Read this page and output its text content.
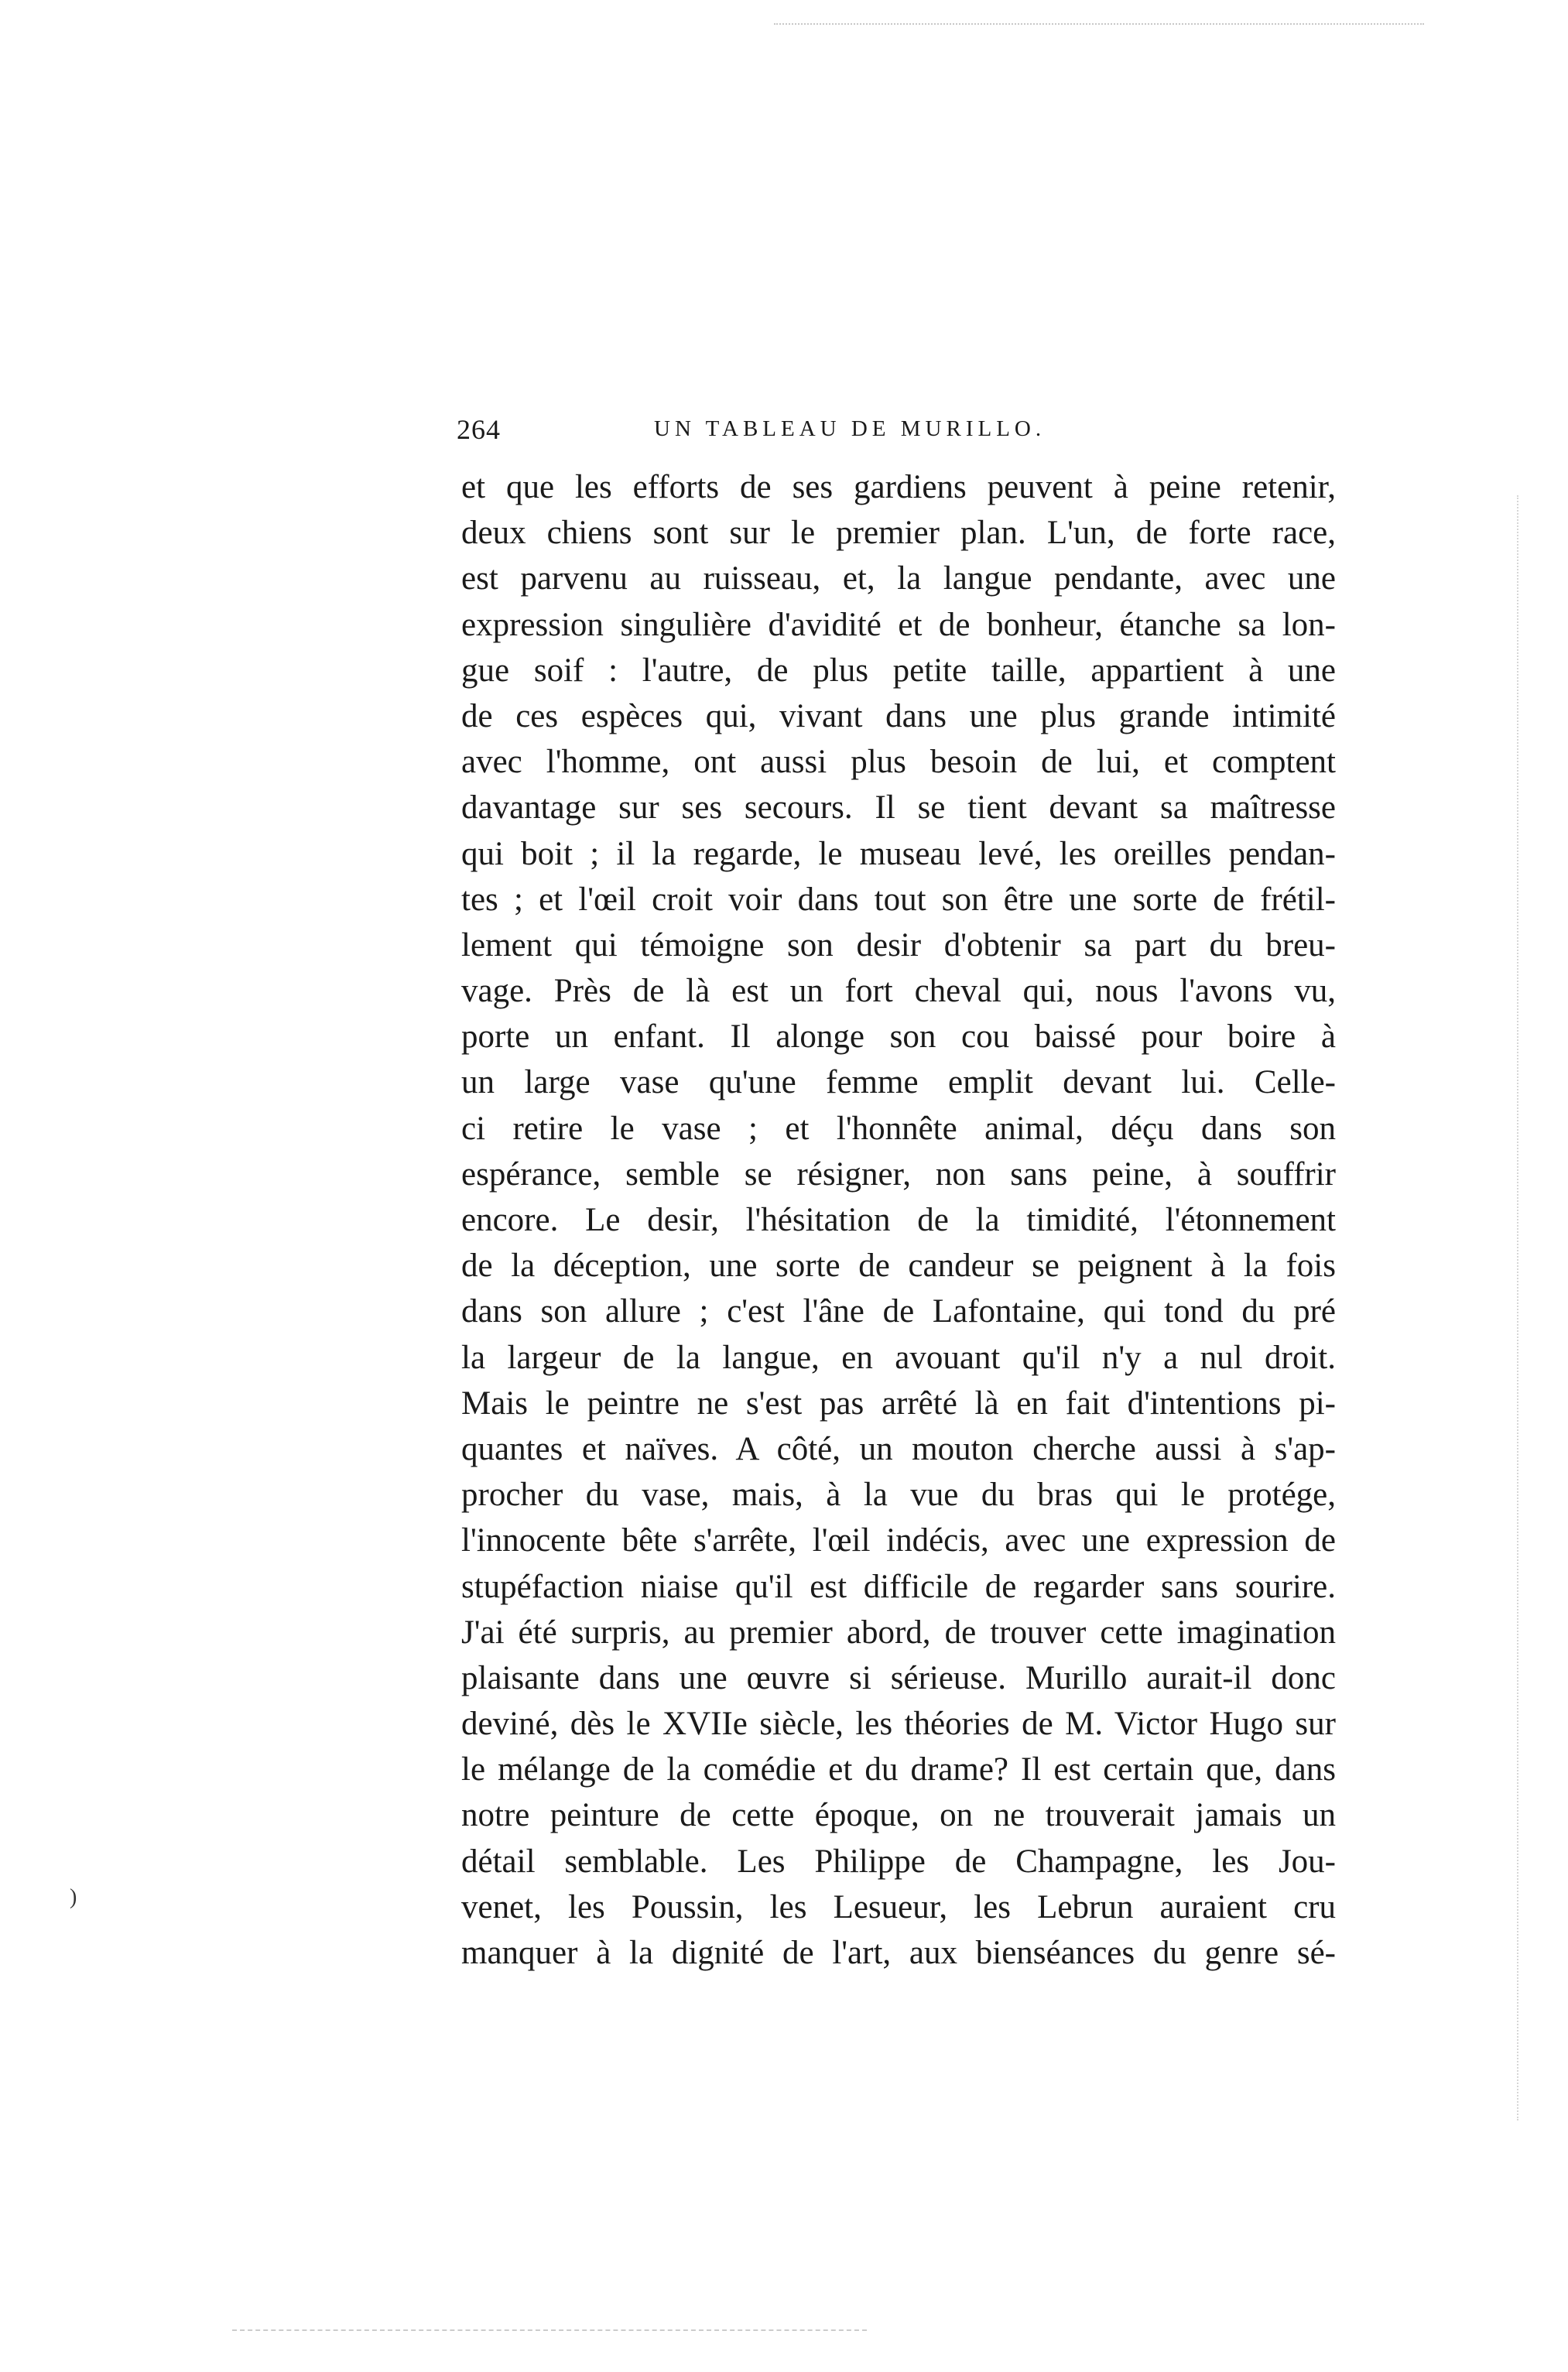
264	UN TABLEAU DE MURILLO.
et que les efforts de ses gardiens peuvent à peine retenir,
deux chiens sont sur le premier plan. L'un, de forte race,
est parvenu au ruisseau, et, la langue pendante, avec une
expression singulière d'avidité et de bonheur, étanche sa lon-
gue soif : l'autre, de plus petite taille, appartient à une
de ces espèces qui, vivant dans une plus grande intimité
avec l'homme, ont aussi plus besoin de lui, et comptent
davantage sur ses secours. Il se tient devant sa maîtresse
qui boit ; il la regarde, le museau levé, les oreilles pendan-
tes ; et l'œil croit voir dans tout son être une sorte de frétil-
lement qui témoigne son desir d'obtenir sa part du breu-
vage. Près de là est un fort cheval qui, nous l'avons vu,
porte un enfant. Il alonge son cou baissé pour boire à
un large vase qu'une femme emplit devant lui. Celle-
ci retire le vase ; et l'honnête animal, déçu dans son
espérance, semble se résigner, non sans peine, à souffrir
encore. Le desir, l'hésitation de la timidité, l'étonnement
de la déception, une sorte de candeur se peignent à la fois
dans son allure ; c'est l'âne de Lafontaine, qui tond du pré
la largeur de la langue, en avouant qu'il n'y a nul droit.
Mais le peintre ne s'est pas arrêté là en fait d'intentions pi-
quantes et naïves. A côté, un mouton cherche aussi à s'ap-
procher du vase, mais, à la vue du bras qui le protége,
l'innocente bête s'arrête, l'œil indécis, avec une expression de
stupéfaction niaise qu'il est difficile de regarder sans sourire.
J'ai été surpris, au premier abord, de trouver cette imagination
plaisante dans une œuvre si sérieuse. Murillo aurait-il donc
deviné, dès le XVIIe siècle, les théories de M. Victor Hugo sur
le mélange de la comédie et du drame? Il est certain que, dans
notre peinture de cette époque, on ne trouverait jamais un
détail semblable. Les Philippe de Champagne, les Jou-
venet, les Poussin, les Lesueur, les Lebrun auraient cru
manquer à la dignité de l'art, aux bienséances du genre sé-
)
